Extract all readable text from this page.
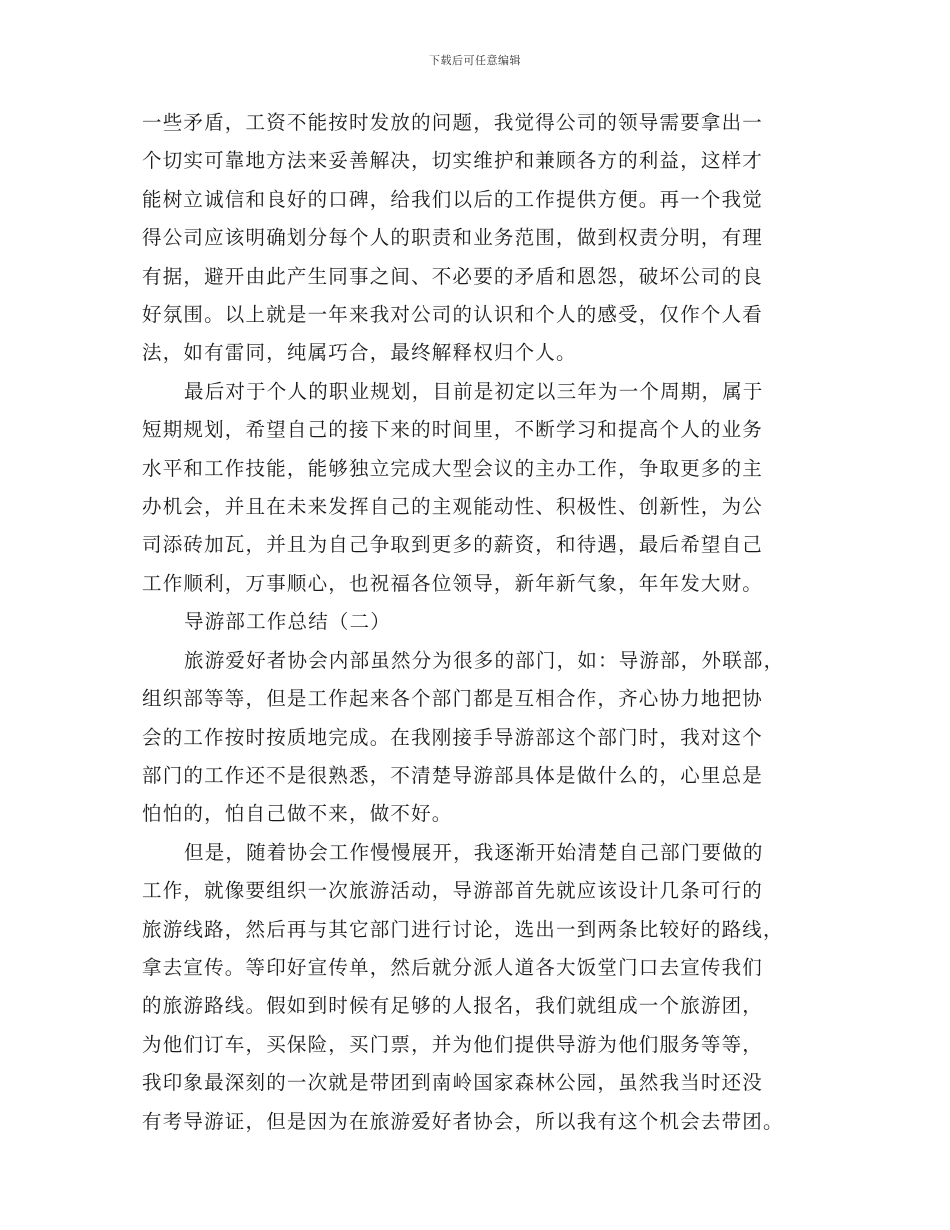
下载后可任意编辑

一些矛盾，工资不能按时发放的问题，我觉得公司的领导需要拿出一
个切实可靠地方法来妥善解决，切实维护和兼顾各方的利益，这样才
能树立诚信和良好的口碑，给我们以后的工作提供方便。再一个我觉
得公司应该明确划分每个人的职责和业务范围，做到权责分明，有理
有据，避开由此产生同事之间、不必要的矛盾和恩怨，破坏公司的良
好氛围。以上就是一年来我对公司的认识和个人的感受，仅作个人看
法，如有雷同，纯属巧合，最终解释权归个人。

最后对于个人的职业规划，目前是初定以三年为一个周期，属于
短期规划，希望自己的接下来的时间里，不断学习和提高个人的业务
水平和工作技能，能够独立完成大型会议的主办工作，争取更多的主
办机会，并且在未来发挥自己的主观能动性、积极性、创新性，为公
司添砖加瓦，并且为自己争取到更多的薪资，和待遇，最后希望自己
工作顺利，万事顺心，也祝福各位领导，新年新气象，年年发大财。

导游部工作总结（二）

旅游爱好者协会内部虽然分为很多的部门，如：导游部，外联部，
组织部等等，但是工作起来各个部门都是互相合作，齐心协力地把协
会的工作按时按质地完成。在我刚接手导游部这个部门时，我对这个
部门的工作还不是很熟悉，不清楚导游部具体是做什么的，心里总是
怕怕的，怕自己做不来，做不好。

但是，随着协会工作慢慢展开，我逐渐开始清楚自己部门要做的
工作，就像要组织一次旅游活动，导游部首先就应该设计几条可行的
旅游线路，然后再与其它部门进行讨论，选出一到两条比较好的路线，
拿去宣传。等印好宣传单，然后就分派人道各大饭堂门口去宣传我们
的旅游路线。假如到时候有足够的人报名，我们就组成一个旅游团，
为他们订车，买保险，买门票，并为他们提供导游为他们服务等等，
我印象最深刻的一次就是带团到南岭国家森林公园，虽然我当时还没
有考导游证，但是因为在旅游爱好者协会，所以我有这个机会去带团。
